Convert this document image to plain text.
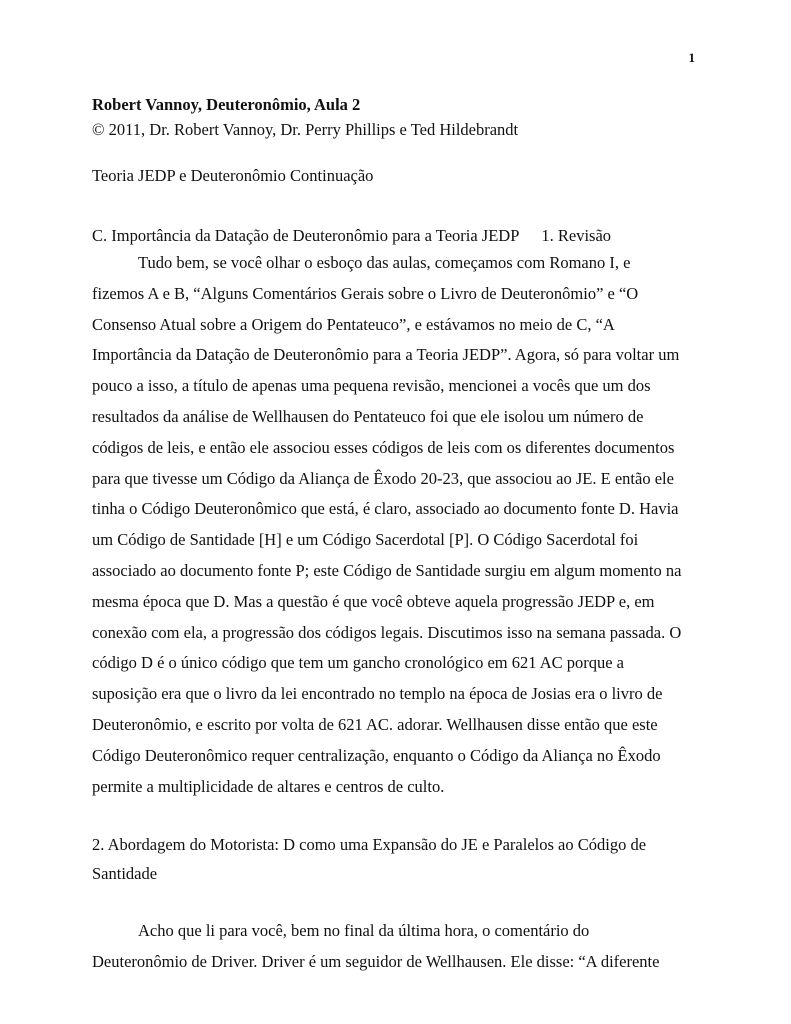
1
Robert Vannoy, Deuteronômio, Aula 2
© 2011, Dr. Robert Vannoy, Dr. Perry Phillips e Ted Hildebrandt
Teoria JEDP e Deuteronômio Continuação
C. Importância da Datação de Deuteronômio para a Teoria JEDP 1. Revisão
Tudo bem, se você olhar o esboço das aulas, começamos com Romano I, e
fizemos A e B, “Alguns Comentários Gerais sobre o Livro de Deuteronômio” e “O
Consenso Atual sobre a Origem do Pentateuco”, e estávamos no meio de C, “A
Importância da Datação de Deuteronômio para a Teoria JEDP”. Agora, só para voltar um
pouco a isso, a título de apenas uma pequena revisão, mencionei a vocês que um dos
resultados da análise de Wellhausen do Pentateuco foi que ele isolou um número de
códigos de leis, e então ele associou esses códigos de leis com os diferentes documentos
para que tivesse um Código da Aliança de Êxodo 20-23, que associou ao JE. E então ele
tinha o Código Deuteronômico que está, é claro, associado ao documento fonte D. Havia
um Código de Santidade [H] e um Código Sacerdotal [P]. O Código Sacerdotal foi
associado ao documento fonte P; este Código de Santidade surgiu em algum momento na
mesma época que D. Mas a questão é que você obteve aquela progressão JEDP e, em
conexão com ela, a progressão dos códigos legais. Discutimos isso na semana passada. O
código D é o único código que tem um gancho cronológico em 621 AC porque a
suposição era que o livro da lei encontrado no templo na época de Josias era o livro de
Deuteronômio, e escrito por volta de 621 AC. adorar. Wellhausen disse então que este
Código Deuteronômico requer centralização, enquanto o Código da Aliança no Êxodo
permite a multiplicidade de altares e centros de culto.
2. Abordagem do Motorista: D como uma Expansão do JE e Paralelos ao Código de
Santidade
Acho que li para você, bem no final da última hora, o comentário do
Deuteronômio de Driver. Driver é um seguidor de Wellhausen. Ele disse: “A diferente
